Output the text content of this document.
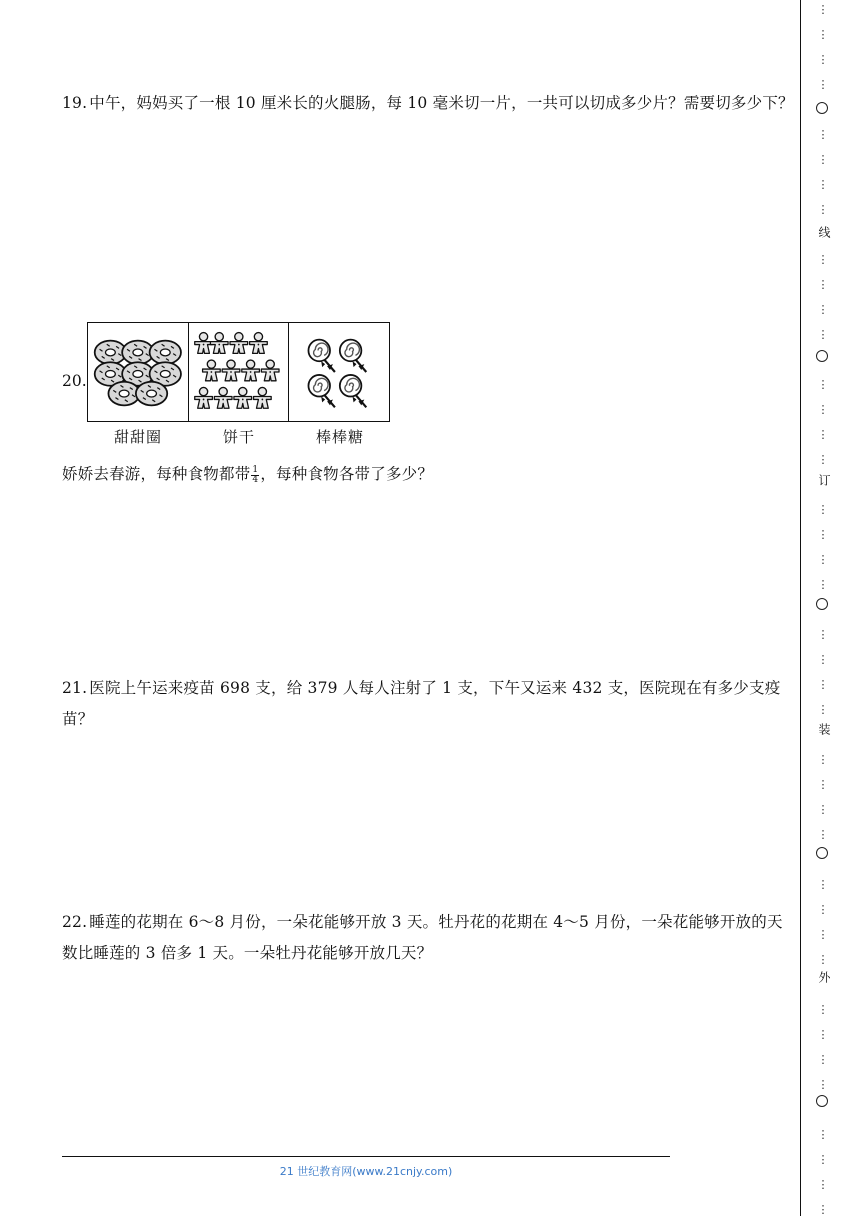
19. 中午，妈妈买了一根 10 厘米长的火腿肠，每 10 毫米切一片，一共可以切成多少片？需要切多少下？
20.
甜甜圈	饼干	棒棒糖
娇娇去春游，每种食物都带 $\frac{1}{4}$ ，每种食物各带了多少？
21. 医院上午运来疫苗 698 支，给 379 人每人注射了 1 支，下午又运来 432 支，医院现在有多少支疫苗？
22. 睡莲的花期在 6～8 月份，一朵花能够开放 3 天。牡丹花的花期在 4～5 月份，一朵花能够开放的天数比睡莲的 3 倍多 1 天。一朵牡丹花能够开放几天？
21 世纪教育网(www.21cnjy.com)
⋮
⋮
⋮
⋮
⋮
⋮
⋮
⋮
⋮
⋮
⋮
⋮
⋮
⋮
⋮
⋮
⋮
⋮
⋮
⋮
⋮
⋮
⋮
⋮
⋮
⋮
⋮
⋮
⋮
⋮
⋮
⋮
⋮
⋮
⋮
⋮
⋮
⋮
⋮
⋮
线
订
装
外
